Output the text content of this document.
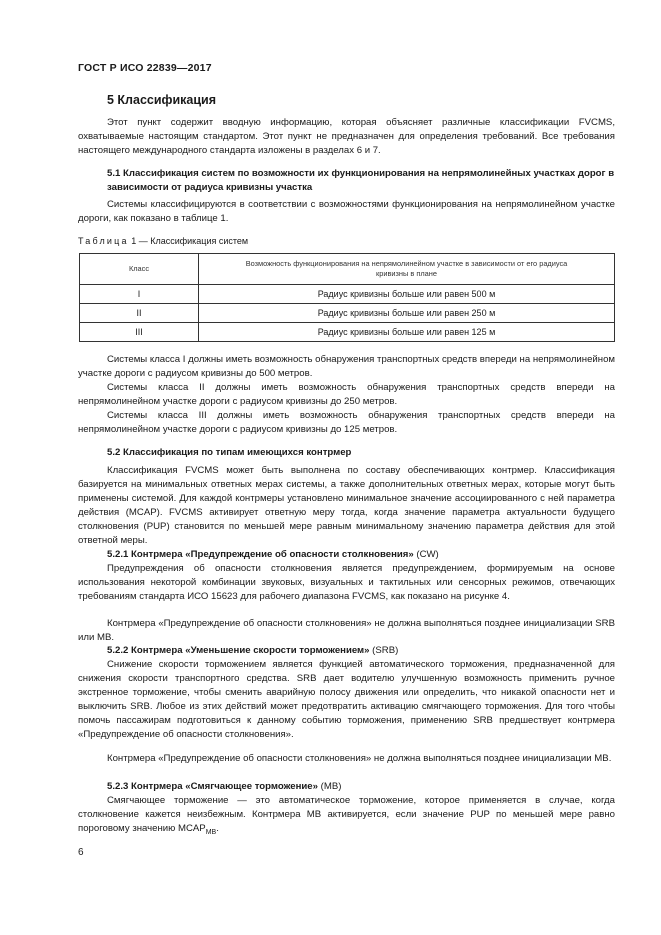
ГОСТ Р ИСО 22839—2017
5 Классификация
Этот пункт содержит вводную информацию, которая объясняет различные классификации FVCMS, охватываемые настоящим стандартом. Этот пункт не предназначен для определения требований. Все требования настоящего международного стандарта изложены в разделах 6 и 7.
5.1 Классификация систем по возможности их функционирования на непрямолинейных участках дорог в зависимости от радиуса кривизны участка
Системы классифицируются в соответствии с возможностями функционирования на непрямолинейном участке дороги, как показано в таблице 1.
Таблица 1 — Классификация систем
Класс	Возможность функционирования на непрямолинейном участке в зависимости от его радиуса кривизны в плане

I	Радиус кривизны больше или равен 500 м
II	Радиус кривизны больше или равен 250 м
III	Радиус кривизны больше или равен 125 м
Системы класса I должны иметь возможность обнаружения транспортных средств впереди на непрямолинейном участке дороги с радиусом кривизны до 500 метров.
Системы класса II должны иметь возможность обнаружения транспортных средств впереди на непрямолинейном участке дороги с радиусом кривизны до 250 метров.
Системы класса III должны иметь возможность обнаружения транспортных средств впереди на непрямолинейном участке дороги с радиусом кривизны до 125 метров.
5.2 Классификация по типам имеющихся контрмер
Классификация FVCMS может быть выполнена по составу обеспечивающих контрмер. Классификация базируется на минимальных ответных мерах системы, а также дополнительных ответных мерах, которые могут быть применены системой. Для каждой контрмеры установлено минимальное значение ассоциированного с ней параметра действия (MCAP). FVCMS активирует ответную меру тогда, когда значение параметра актуальности будущего столкновения (PUP) становится по меньшей мере равным минимальному значению параметра действия для этой ответной меры.
5.2.1 Контрмера «Предупреждение об опасности столкновения» (CW)
Предупреждения об опасности столкновения является предупреждением, формируемым на основе использования некоторой комбинации звуковых, визуальных и тактильных или сенсорных режимов, отвечающих требованиям стандарта ИСО 15623 для рабочего диапазона FVCMS, как показано на рисунке 4.
Контрмера «Предупреждение об опасности столкновения» не должна выполняться позднее инициализации SRB или MB.
5.2.2 Контрмера «Уменьшение скорости торможением» (SRB)
Снижение скорости торможением является функцией автоматического торможения, предназначенной для снижения скорости транспортного средства. SRB дает водителю улучшенную возможность применить ручное экстренное торможение, чтобы сменить аварийную полосу движения или определить, что никакой опасности нет и выключить SRB. Любое из этих действий может предотвратить активацию смягчающего торможения. Для того чтобы помочь пассажирам подготовиться к данному событию торможения, применению SRB предшествует контрмера «Предупреждение об опасности столкновения».
Контрмера «Предупреждение об опасности столкновения» не должна выполняться позднее инициализации MB.
5.2.3 Контрмера «Смягчающее торможение» (MB)
Смягчающее торможение — это автоматическое торможение, которое применяется в случае, когда столкновение кажется неизбежным. Контрмера MB активируется, если значение PUP по меньшей мере равно пороговому значению $MCAP_{MB}$.
6
